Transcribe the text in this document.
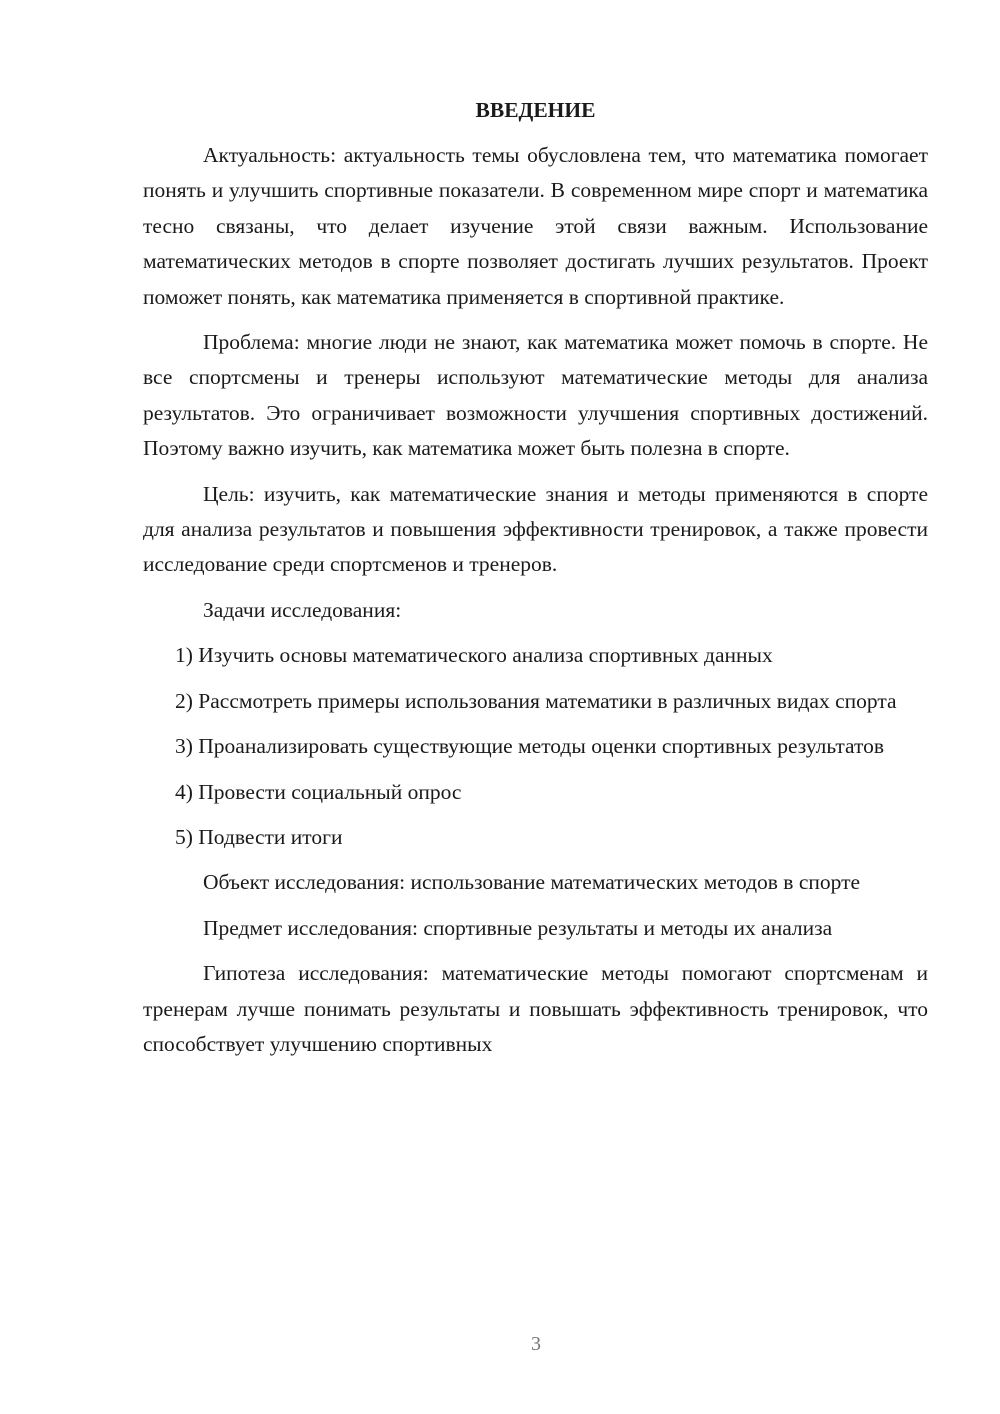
ВВЕДЕНИЕ

Актуальность: актуальность темы обусловлена тем, что математика помогает понять и улучшить спортивные показатели. В современном мире спорт и математика тесно связаны, что делает изучение этой связи важным. Использование математических методов в спорте позволяет достигать лучших результатов. Проект поможет понять, как математика применяется в спортивной практике.

Проблема: многие люди не знают, как математика может помочь в спорте. Не все спортсмены и тренеры используют математические методы для анализа результатов. Это ограничивает возможности улучшения спортивных достижений. Поэтому важно изучить, как математика может быть полезна в спорте.

Цель: изучить, как математические знания и методы применяются в спорте для анализа результатов и повышения эффективности тренировок, а также провести исследование среди спортсменов и тренеров.

Задачи исследования:

1) Изучить основы математического анализа спортивных данных

2) Рассмотреть примеры использования математики в различных видах спорта

3) Проанализировать существующие методы оценки спортивных результатов

4) Провести социальный опрос

5) Подвести итоги

Объект исследования: использование математических методов в спорте

Предмет исследования: спортивные результаты и методы их анализа

Гипотеза исследования: математические методы помогают спортсменам и тренерам лучше понимать результаты и повышать эффективность тренировок, что способствует улучшению спортивных

3
